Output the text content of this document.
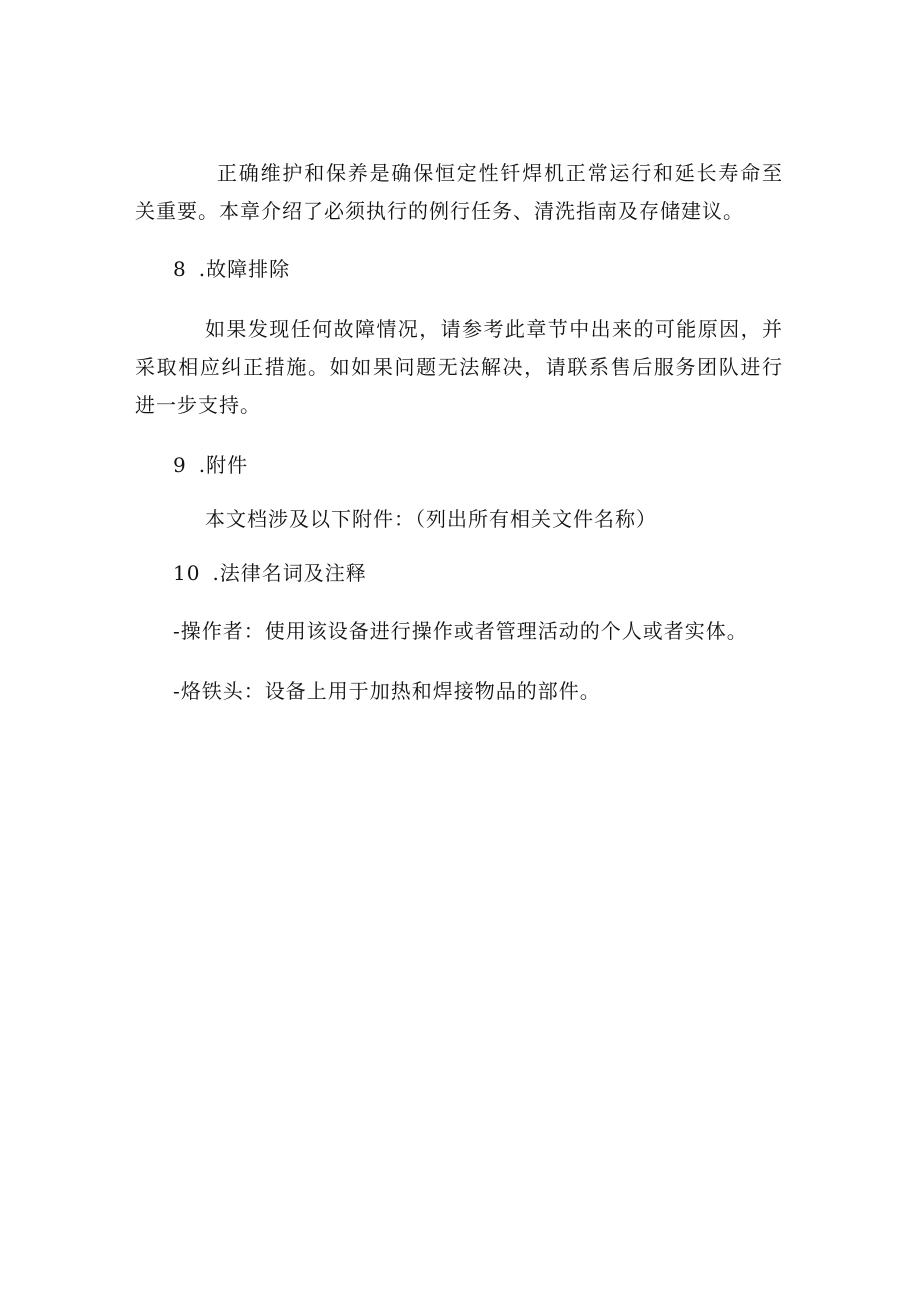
正确维护和保养是确保恒定性钎焊机正常运行和延长寿命至关重要。本章介绍了必须执行的例行任务、清洗指南及存储建议。

8 .故障排除

如果发现任何故障情况，请参考此章节中出来的可能原因，并采取相应纠正措施。如如果问题无法解决，请联系售后服务团队进行进一步支持。

9 .附件

本文档涉及以下附件：（列出所有相关文件名称）

10 .法律名词及注释

-操作者：使用该设备进行操作或者管理活动的个人或者实体。

-烙铁头：设备上用于加热和焊接物品的部件。
